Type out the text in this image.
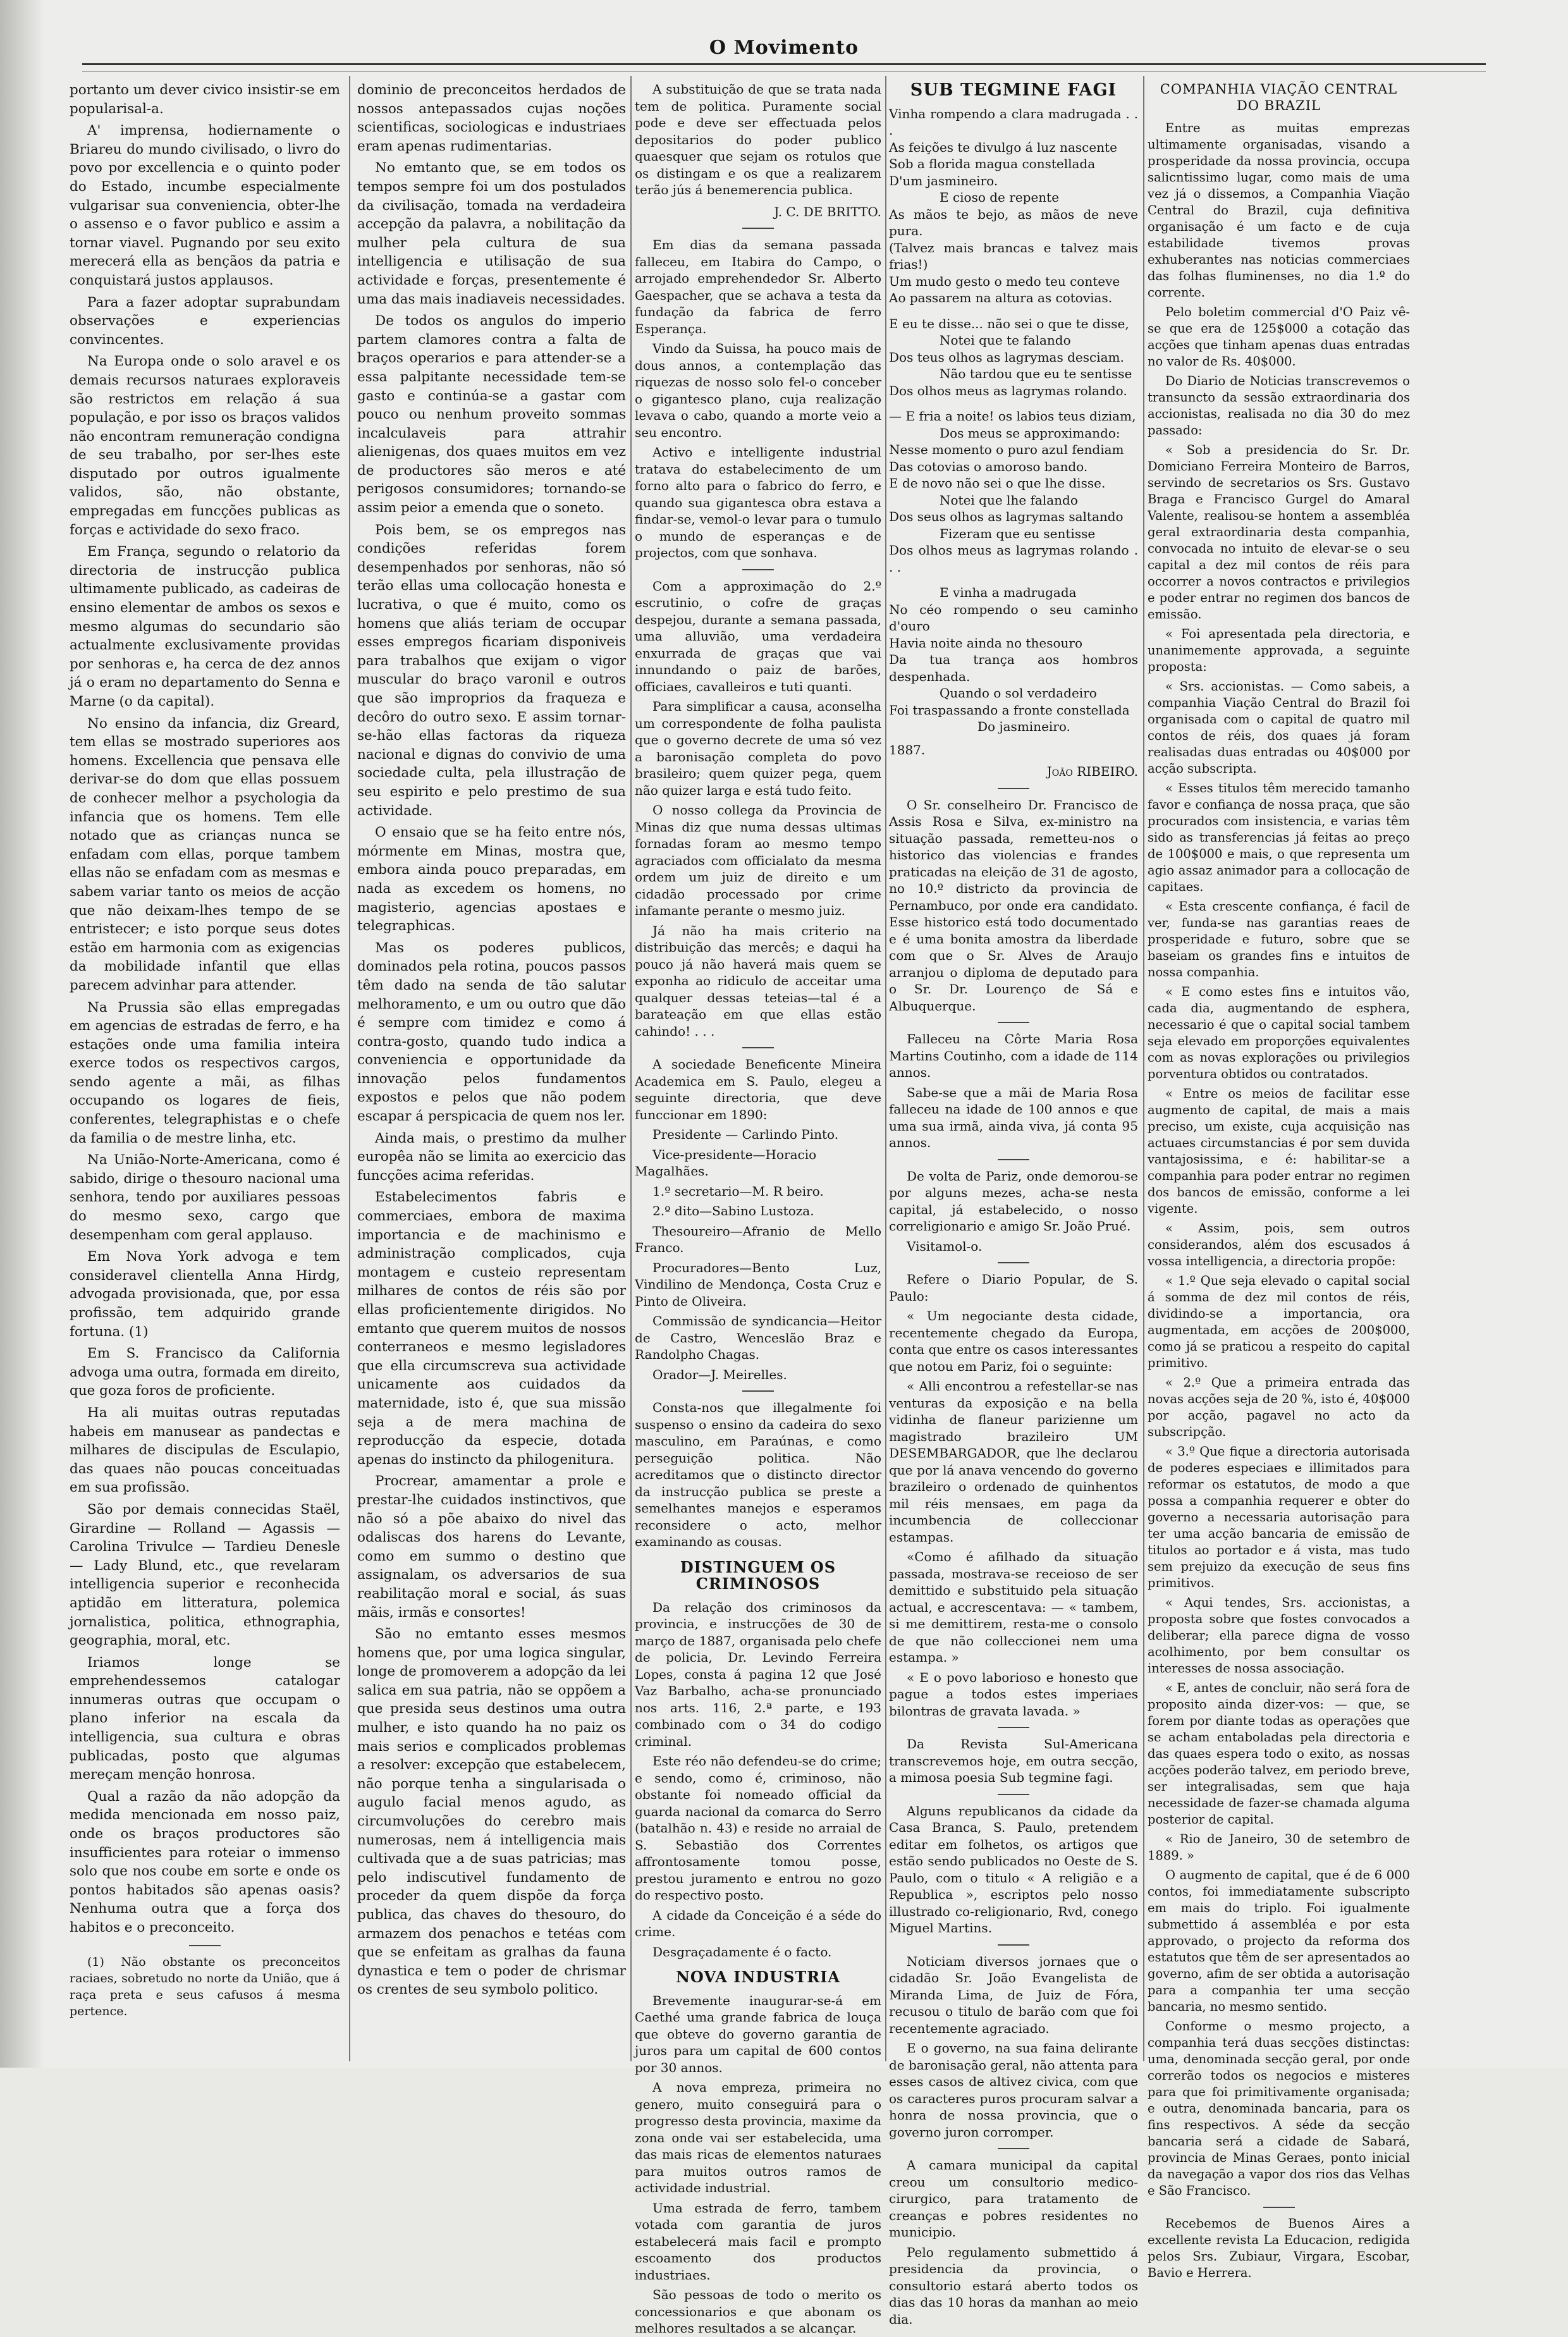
O Movimento

portanto um dever civico insistir-se em popularisal-a.

A' imprensa, hodiernamente o Briareu do mundo civilisado, o livro do povo por excellencia e o quinto poder do Estado, incumbe especialmente vulgarisar sua conveniencia, obter-lhe o assenso e o favor publico e assim a tornar viavel. Pugnando por seu exito merecerá ella as bençãos da patria e conquistará justos applausos.

Para a fazer adoptar suprabundam observações e experiencias convincentes.

Na Europa onde o solo aravel e os demais recursos naturaes exploraveis são restrictos em relação á sua população, e por isso os braços validos não encontram remuneração condigna de seu trabalho, por ser-lhes este disputado por outros igualmente validos, são, não obstante, empregadas em funcções publicas as forças e actividade do sexo fraco.

Em França, segundo o relatorio da directoria de instrucção publica ultimamente publicado, as cadeiras de ensino elementar de ambos os sexos e mesmo algumas do secundario são actualmente exclusivamente providas por senhoras e, ha cerca de dez annos já o eram no departamento do Senna e Marne (o da capital).

No ensino da infancia, diz Greard, tem ellas se mostrado superiores aos homens. Excellencia que pensava elle derivar-se do dom que ellas possuem de conhecer melhor a psychologia da infancia que os homens. Tem elle notado que as crianças nunca se enfadam com ellas, porque tambem ellas não se enfadam com as mesmas e sabem variar tanto os meios de acção que não deixam-lhes tempo de se entristecer; e isto porque seus dotes estão em harmonia com as exigencias da mobilidade infantil que ellas parecem advinhar para attender.

Na Prussia são ellas empregadas em agencias de estradas de ferro, e ha estações onde uma familia inteira exerce todos os respectivos cargos, sendo agente a mãi, as filhas occupando os logares de fieis, conferentes, telegraphistas e o chefe da familia o de mestre linha, etc.

Na União-Norte-Americana, como é sabido, dirige o thesouro nacional uma senhora, tendo por auxiliares pessoas do mesmo sexo, cargo que desempenham com geral applauso.

Em Nova York advoga e tem consideravel clientella Anna Hirdg, advogada provisionada, que, por essa profissão, tem adquirido grande fortuna. (1)

Em S. Francisco da California advoga uma outra, formada em direito, que goza foros de proficiente.

Ha ali muitas outras reputadas habeis em manusear as pandectas e milhares de discipulas de Esculapio, das quaes não poucas conceituadas em sua profissão.

São por demais connecidas Staël, Girardine — Rolland — Agassis — Carolina Trivulce — Tardieu Denesle — Lady Blund, etc., que revelaram intelligencia superior e reconhecida aptidão em litteratura, polemica jornalistica, politica, ethnographia, geographia, moral, etc.

Iriamos longe se emprehendessemos catalogar innumeras outras que occupam o plano inferior na escala da intelligencia, sua cultura e obras publicadas, posto que algumas mereçam menção honrosa.

Qual a razão da não adopção da medida mencionada em nosso paiz, onde os braços productores são insufficientes para roteiar o immenso solo que nos coube em sorte e onde os pontos habitados são apenas oasis? Nenhuma outra que a força dos habitos e o preconceito.

(1) Não obstante os preconceitos raciaes, sobretudo no norte da União, que á raça preta e seus cafusos á mesma pertence.

dominio de preconceitos herdados de nossos antepassados cujas noções scientificas, sociologicas e industriaes eram apenas rudimentarias.

No emtanto que, se em todos os tempos sempre foi um dos postulados da civilisação, tomada na verdadeira accepção da palavra, a nobilitação da mulher pela cultura de sua intelligencia e utilisação de sua actividade e forças, presentemente é uma das mais inadiaveis necessidades.

De todos os angulos do imperio partem clamores contra a falta de braços operarios e para attender-se a essa palpitante necessidade tem-se gasto e continúa-se a gastar com pouco ou nenhum proveito sommas incalculaveis para attrahir alienigenas, dos quaes muitos em vez de productores são meros e até perigosos consumidores; tornando-se assim peior a emenda que o soneto.

Pois bem, se os empregos nas condições referidas forem desempenhados por senhoras, não só terão ellas uma collocação honesta e lucrativa, o que é muito, como os homens que aliás teriam de occupar esses empregos ficariam disponiveis para trabalhos que exijam o vigor muscular do braço varonil e outros que são improprios da fraqueza e decôro do outro sexo. E assim tornar-se-hão ellas factoras da riqueza nacional e dignas do convivio de uma sociedade culta, pela illustração de seu espirito e pelo prestimo de sua actividade.

O ensaio que se ha feito entre nós, mórmente em Minas, mostra que, embora ainda pouco preparadas, em nada as excedem os homens, no magisterio, agencias apostaes e telegraphicas.

Mas os poderes publicos, dominados pela rotina, poucos passos têm dado na senda de tão salutar melhoramento, e um ou outro que dão é sempre com timidez e como á contra-gosto, quando tudo indica a conveniencia e opportunidade da innovação pelos fundamentos expostos e pelos que não podem escapar á perspicacia de quem nos ler.

Ainda mais, o prestimo da mulher europêa não se limita ao exercicio das funcções acima referidas.

Estabelecimentos fabris e commerciaes, embora de maxima importancia e de machinismo e administração complicados, cuja montagem e custeio representam milhares de contos de réis são por ellas proficientemente dirigidos. No emtanto que querem muitos de nossos conterraneos e mesmo legisladores que ella circumscreva sua actividade unicamente aos cuidados da maternidade, isto é, que sua missão seja a de mera machina de reproducção da especie, dotada apenas do instincto da philogenitura.

Procrear, amamentar a prole e prestar-lhe cuidados instinctivos, que não só a põe abaixo do nivel das odaliscas dos harens do Levante, como em summo o destino que assignalam, os adversarios de sua reabilitação moral e social, ás suas mãis, irmãs e consortes!

São no emtanto esses mesmos homens que, por uma logica singular, longe de promoverem a adopção da lei salica em sua patria, não se oppõem a que presida seus destinos uma outra mulher, e isto quando ha no paiz os mais serios e complicados problemas a resolver: excepção que estabelecem, não porque tenha a singularisada o augulo facial menos agudo, as circumvoluções do cerebro mais numerosas, nem á intelligencia mais cultivada que a de suas patricias; mas pelo indiscutivel fundamento de proceder da quem dispõe da força publica, das chaves do thesouro, do armazem dos penachos e tetéas com que se enfeitam as gralhas da fauna dynastica e tem o poder de chrismar os crentes de seu symbolo politico.

A substituição de que se trata nada tem de politica. Puramente social pode e deve ser effectuada pelos depositarios do poder publico quaesquer que sejam os rotulos que os distingam e os que a realizarem terão jús á benemerencia publica.

J. C. DE BRITTO.

Em dias da semana passada falleceu, em Itabira do Campo, o arrojado emprehendedor Sr. Alberto Gaespacher, que se achava a testa da fundação da fabrica de ferro Esperança.

Vindo da Suissa, ha pouco mais de dous annos, a contemplação das riquezas de nosso solo fel-o conceber o gigantesco plano, cuja realização levava o cabo, quando a morte veio a seu encontro.

Activo e intelligente industrial tratava do estabelecimento de um forno alto para o fabrico do ferro, e quando sua gigantesca obra estava a findar-se, vemol-o levar para o tumulo o mundo de esperanças e de projectos, com que sonhava.

Com a approximação do 2.º escrutinio, o cofre de graças despejou, durante a semana passada, uma alluvião, uma verdadeira enxurrada de graças que vai innundando o paiz de barões, officiaes, cavalleiros e tuti quanti.

Para simplificar a causa, aconselha um correspondente de folha paulista que o governo decrete de uma só vez a baronisação completa do povo brasileiro; quem quizer pega, quem não quizer larga e está tudo feito.

O nosso collega da Provincia de Minas diz que numa dessas ultimas fornadas foram ao mesmo tempo agraciados com officialato da mesma ordem um juiz de direito e um cidadão processado por crime infamante perante o mesmo juiz.

Já não ha mais criterio na distribuição das mercês; e daqui ha pouco já não haverá mais quem se exponha ao ridiculo de acceitar uma qualquer dessas teteias—tal é a barateação em que ellas estão cahindo! . . .

A sociedade Beneficente Mineira Academica em S. Paulo, elegeu a seguinte directoria, que deve funccionar em 1890:

Presidente — Carlindo Pinto.

Vice-presidente—Horacio Magalhães.

1.º secretario—M. R beiro.

2.º dito—Sabino Lustoza.

Thesoureiro—Afranio de Mello Franco.

Procuradores—Bento Luz, Vindilino de Mendonça, Costa Cruz e Pinto de Oliveira.

Commissão de syndicancia—Heitor de Castro, Wenceslão Braz e Randolpho Chagas.

Orador—J. Meirelles.

Consta-nos que illegalmente foi suspenso o ensino da cadeira do sexo masculino, em Paraúnas, e como perseguição politica. Não acreditamos que o distincto director da instrucção publica se preste a semelhantes manejos e esperamos reconsidere o acto, melhor examinando as cousas.

DISTINGUEM OS CRIMINOSOS

Da relação dos criminosos da provincia, e instrucções de 30 de março de 1887, organisada pelo chefe de policia, Dr. Levindo Ferreira Lopes, consta á pagina 12 que José Vaz Barbalho, acha-se pronunciado nos arts. 116, 2.ª parte, e 193 combinado com o 34 do codigo criminal.

Este réo não defendeu-se do crime; e sendo, como é, criminoso, não obstante foi nomeado official da guarda nacional da comarca do Serro (batalhão n. 43) e reside no arraial de S. Sebastião dos Correntes affrontosamente tomou posse, prestou juramento e entrou no gozo do respectivo posto.

A cidade da Conceição é a séde do crime.

Desgraçadamente é o facto.

NOVA INDUSTRIA

Brevemente inaugurar-se-á em Caethé uma grande fabrica de louça que obteve do governo garantia de juros para um capital de 600 contos por 30 annos.

A nova empreza, primeira no genero, muito conseguirá para o progresso desta provincia, maxime da zona onde vai ser estabelecida, uma das mais ricas de elementos naturaes para muitos outros ramos de actividade industrial.

Uma estrada de ferro, tambem votada com garantia de juros estabelecerá mais facil e prompto escoamento dos productos industriaes.

São pessoas de todo o merito os concessionarios e que abonam os melhores resultados a se alcançar.

SUB TEGMINE FAGI

Vinha rompendo a clara madrugada . . .

As feições te divulgo á luz nascente

Sob a florida magua constellada

D'um jasmineiro.

E cioso de repente

As mãos te bejo, as mãos de neve pura.

(Talvez mais brancas e talvez mais frias!)

Um mudo gesto o medo teu conteve

Ao passarem na altura as cotovias.

E eu te disse... não sei o que te disse,

Notei que te falando

Dos teus olhos as lagrymas desciam.

Não tardou que eu te sentisse

Dos olhos meus as lagrymas rolando.

— E fria a noite! os labios teus diziam,

Dos meus se approximando:

Nesse momento o puro azul fendiam

Das cotovias o amoroso bando.

E de novo não sei o que lhe disse.

Notei que lhe falando

Dos seus olhos as lagrymas saltando

Fizeram que eu sentisse

Dos olhos meus as lagrymas rolando . . .

E vinha a madrugada

No céo rompendo o seu caminho d'ouro

Havia noite ainda no thesouro

Da tua trança aos hombros despenhada.

Quando o sol verdadeiro

Foi traspassando a fronte constellada

Do jasmineiro.

1887.

João RIBEIRO.

O Sr. conselheiro Dr. Francisco de Assis Rosa e Silva, ex-ministro na situação passada, remetteu-nos o historico das violencias e frandes praticadas na eleição de 31 de agosto, no 10.º districto da provincia de Pernambuco, por onde era candidato. Esse historico está todo documentado e é uma bonita amostra da liberdade com que o Sr. Alves de Araujo arranjou o diploma de deputado para o Sr. Dr. Lourenço de Sá e Albuquerque.

Falleceu na Côrte Maria Rosa Martins Coutinho, com a idade de 114 annos.

Sabe-se que a mãi de Maria Rosa falleceu na idade de 100 annos e que uma sua irmã, ainda viva, já conta 95 annos.

De volta de Pariz, onde demorou-se por alguns mezes, acha-se nesta capital, já estabelecido, o nosso correligionario e amigo Sr. João Prué.

Visitamol-o.

Refere o Diario Popular, de S. Paulo:

« Um negociante desta cidade, recentemente chegado da Europa, conta que entre os casos interessantes que notou em Pariz, foi o seguinte:

« Alli encontrou a refestellar-se nas venturas da exposição e na bella vidinha de flaneur parizienne um magistrado brazileiro UM DESEMBARGADOR, que lhe declarou que por lá anava vencendo do governo brazileiro o ordenado de quinhentos mil réis mensaes, em paga da incumbencia de colleccionar estampas.

«Como é afilhado da situação passada, mostrava-se receioso de ser demittido e substituido pela situação actual, e accrescentava: — « tambem, si me demittirem, resta-me o consolo de que não colleccionei nem uma estampa. »

« E o povo laborioso e honesto que pague a todos estes imperiaes bilontras de gravata lavada. »

Da Revista Sul-Americana transcrevemos hoje, em outra secção, a mimosa poesia Sub tegmine fagi.

Alguns republicanos da cidade da Casa Branca, S. Paulo, pretendem editar em folhetos, os artigos que estão sendo publicados no Oeste de S. Paulo, com o titulo « A religião e a Republica », escriptos pelo nosso illustrado co-religionario, Rvd, conego Miguel Martins.

Noticiam diversos jornaes que o cidadão Sr. João Evangelista de Miranda Lima, de Juiz de Fóra, recusou o titulo de barão com que foi recentemente agraciado.

E o governo, na sua faina delirante de baronisação geral, não attenta para esses casos de altivez civica, com que os caracteres puros procuram salvar a honra de nossa provincia, que o governo juron corromper.

A camara municipal da capital creou um consultorio medico-cirurgico, para tratamento de creanças e pobres residentes no municipio.

Pelo regulamento submettido á presidencia da provincia, o consultorio estará aberto todos os dias das 10 horas da manhan ao meio dia.

COMPANHIA VIAÇÃO CENTRAL DO BRAZIL

Entre as muitas emprezas ultimamente organisadas, visando a prosperidade da nossa provincia, occupa salicntissimo lugar, como mais de uma vez já o dissemos, a Companhia Viação Central do Brazil, cuja definitiva organisação é um facto e de cuja estabilidade tivemos provas exhuberantes nas noticias commerciaes das folhas fluminenses, no dia 1.º do corrente.

Pelo boletim commercial d'O Paiz vê-se que era de 125$000 a cotação das acções que tinham apenas duas entradas no valor de Rs. 40$000.

Do Diario de Noticias transcrevemos o transuncto da sessão extraordinaria dos accionistas, realisada no dia 30 do mez passado:

« Sob a presidencia do Sr. Dr. Domiciano Ferreira Monteiro de Barros, servindo de secretarios os Srs. Gustavo Braga e Francisco Gurgel do Amaral Valente, realisou-se hontem a assembléa geral extraordinaria desta companhia, convocada no intuito de elevar-se o seu capital a dez mil contos de réis para occorrer a novos contractos e privilegios e poder entrar no regimen dos bancos de emissão.

« Foi apresentada pela directoria, e unanimemente approvada, a seguinte proposta:

« Srs. accionistas. — Como sabeis, a companhia Viação Central do Brazil foi organisada com o capital de quatro mil contos de réis, dos quaes já foram realisadas duas entradas ou 40$000 por acção subscripta.

« Esses titulos têm merecido tamanho favor e confiança de nossa praça, que são procurados com insistencia, e varias têm sido as transferencias já feitas ao preço de 100$000 e mais, o que representa um agio assaz animador para a collocação de capitaes.

« Esta crescente confiança, é facil de ver, funda-se nas garantias reaes de prosperidade e futuro, sobre que se baseiam os grandes fins e intuitos de nossa companhia.

« E como estes fins e intuitos vão, cada dia, augmentando de esphera, necessario é que o capital social tambem seja elevado em proporções equivalentes com as novas explorações ou privilegios porventura obtidos ou contratados.

« Entre os meios de facilitar esse augmento de capital, de mais a mais preciso, um existe, cuja acquisição nas actuaes circumstancias é por sem duvida vantajosissima, e é: habilitar-se a companhia para poder entrar no regimen dos bancos de emissão, conforme a lei vigente.

« Assim, pois, sem outros considerandos, além dos escusados á vossa intelligencia, a directoria propõe:

« 1.º Que seja elevado o capital social á somma de dez mil contos de réis, dividindo-se a importancia, ora augmentada, em acções de 200$000, como já se praticou a respeito do capital primitivo.

« 2.º Que a primeira entrada das novas acções seja de 20 %, isto é, 40$000 por acção, pagavel no acto da subscripção.

« 3.º Que fique a directoria autorisada de poderes especiaes e illimitados para reformar os estatutos, de modo a que possa a companhia requerer e obter do governo a necessaria autorisação para ter uma acção bancaria de emissão de titulos ao portador e á vista, mas tudo sem prejuizo da execução de seus fins primitivos.

« Aqui tendes, Srs. accionistas, a proposta sobre que fostes convocados a deliberar; ella parece digna de vosso acolhimento, por bem consultar os interesses de nossa associação.

« E, antes de concluir, não será fora de proposito ainda dizer-vos: — que, se forem por diante todas as operações que se acham entaboladas pela directoria e das quaes espera todo o exito, as nossas acções poderão talvez, em periodo breve, ser integralisadas, sem que haja necessidade de fazer-se chamada alguma posterior de capital.

« Rio de Janeiro, 30 de setembro de 1889. »

O augmento de capital, que é de 6 000 contos, foi immediatamente subscripto em mais do triplo. Foi igualmente submettido á assembléa e por esta approvado, o projecto da reforma dos estatutos que têm de ser apresentados ao governo, afim de ser obtida a autorisação para a companhia ter uma secção bancaria, no mesmo sentido.

Conforme o mesmo projecto, a companhia terá duas secções distinctas: uma, denominada secção geral, por onde correrão todos os negocios e misteres para que foi primitivamente organisada; e outra, denominada bancaria, para os fins respectivos. A séde da secção bancaria será a cidade de Sabará, provincia de Minas Geraes, ponto inicial da navegação a vapor dos rios das Velhas e São Francisco.

Recebemos de Buenos Aires a excellente revista La Educacion, redigida pelos Srs. Zubiaur, Virgara, Escobar, Bavio e Herrera.
